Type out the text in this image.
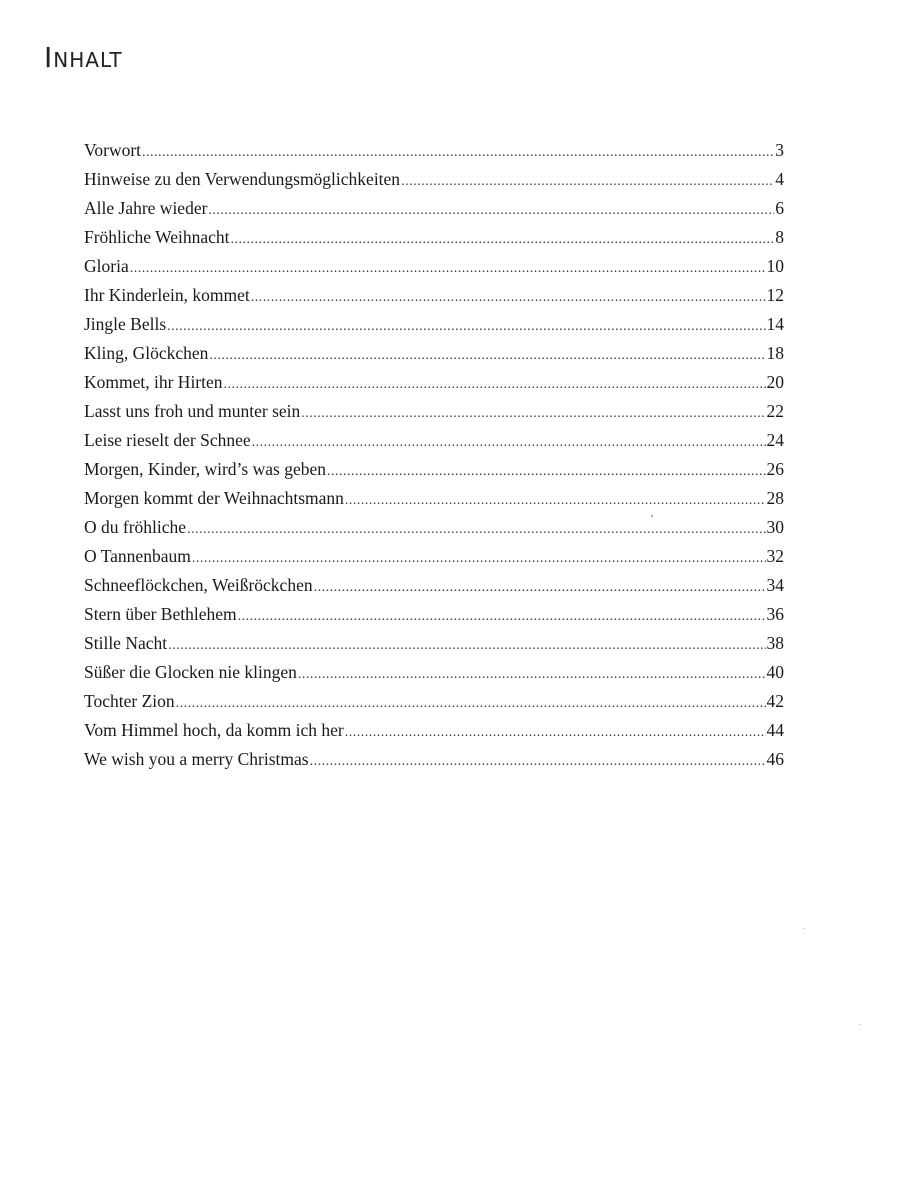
Inhalt
Vorwort .....	3
Hinweise zu den Verwendungsmöglichkeiten .....	4
Alle Jahre wieder .....	6
Fröhliche Weihnacht .....	8
Gloria .....	10
Ihr Kinderlein, kommet .....	12
Jingle Bells .....	14
Kling, Glöckchen .....	18
Kommet, ihr Hirten .....	20
Lasst uns froh und munter sein .....	22
Leise rieselt der Schnee .....	24
Morgen, Kinder, wird’s was geben .....	26
Morgen kommt der Weihnachtsmann .....	28
O du fröhliche .....	30
O Tannenbaum .....	32
Schneeflöckchen, Weißröckchen .....	34
Stern über Bethlehem .....	36
Stille Nacht .....	38
Süßer die Glocken nie klingen .....	40
Tochter Zion .....	42
Vom Himmel hoch, da komm ich her .....	44
We wish you a merry Christmas .....	46
